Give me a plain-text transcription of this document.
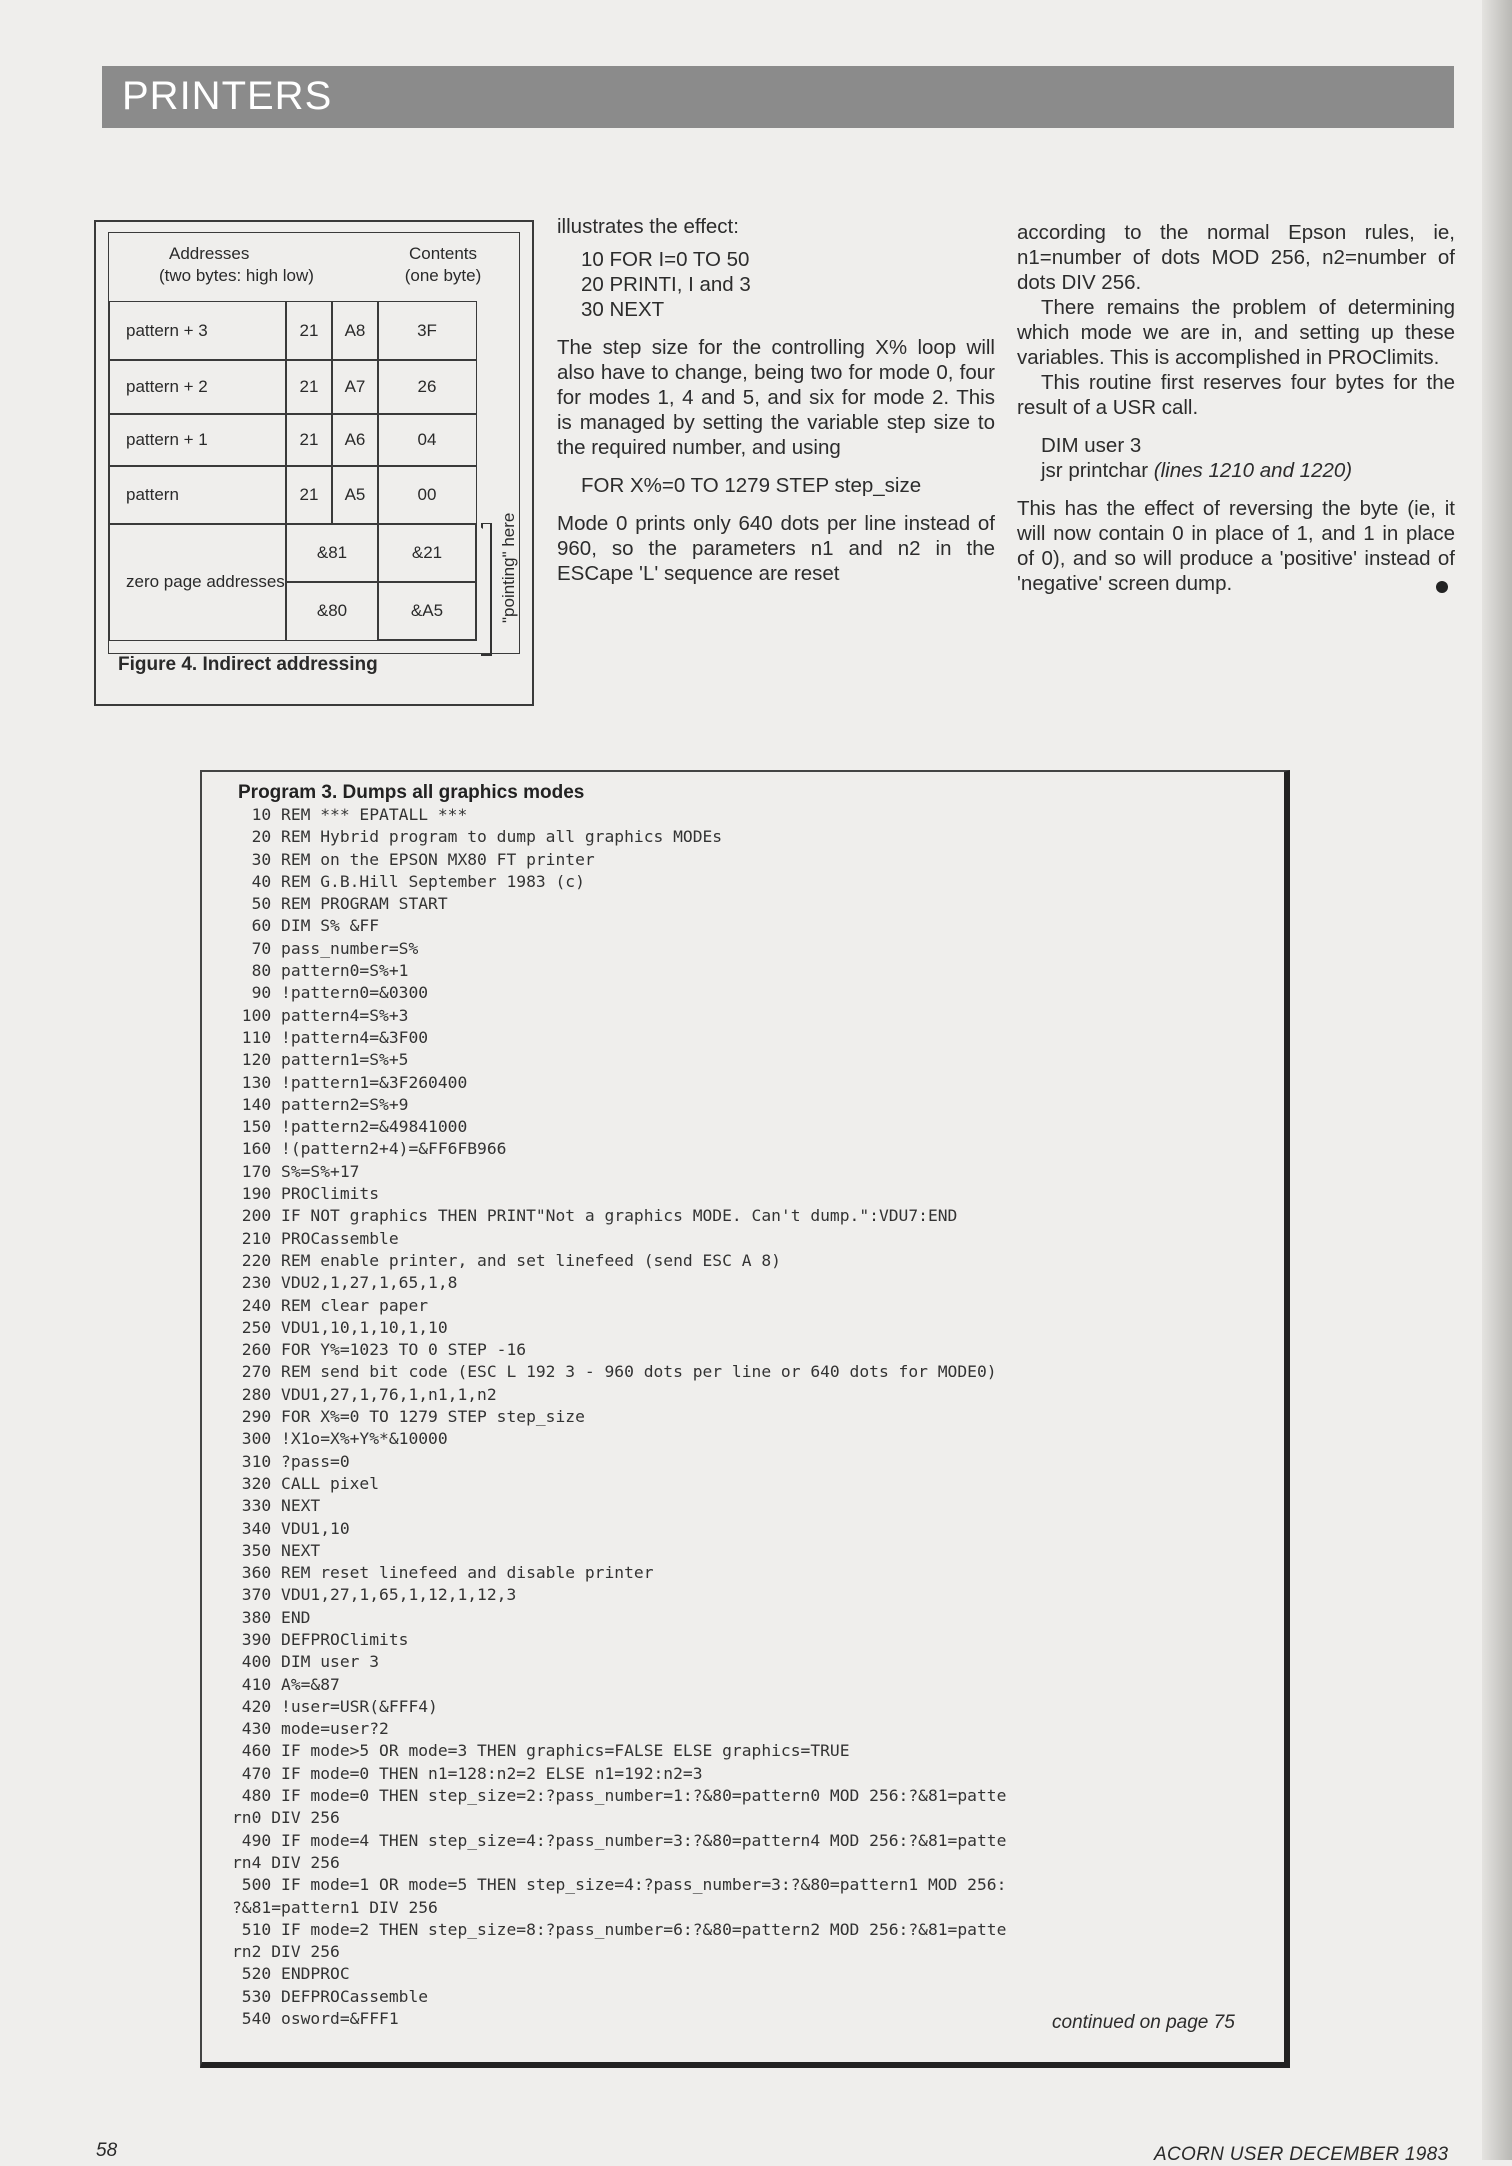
PRINTERS
Addresses
(two bytes: high low)
Contents
(one byte)
pattern + 3	21	A8	3F
pattern + 2	21	A7	26
pattern + 1	21	A6	04
pattern	21	A5	00
zero page addresses
&81	&21
&80	&A5	"pointing" here
Figure 4. Indirect addressing

illustrates the effect:

10 FOR I=0 TO 50

20 PRINTI, I and 3

30 NEXT

The step size for the controlling X% loop will also have to change, being two for mode 0, four for modes 1, 4 and 5, and six for mode 2. This is managed by setting the variable step size to the required number, and using

FOR X%=0 TO 1279 STEP step_size

Mode 0 prints only 640 dots per line instead of 960, so the parameters n1 and n2 in the ESCape 'L' sequence are reset

according to the normal Epson rules, ie, n1=number of dots MOD 256, n2=number of dots DIV 256.

There remains the problem of determining which mode we are in, and setting up these variables. This is accomplished in PROClimits.

This routine first reserves four bytes for the result of a USR call.

DIM user 3

jsr printchar (lines 1210 and 1220)

This has the effect of reversing the byte (ie, it will now contain 0 in place of 1, and 1 in place of 0), and so will produce a 'positive' instead of 'negative' screen dump.

Program 3. Dumps all graphics modes
10 REM *** EPATALL ***
20 REM Hybrid program to dump all graphics MODEs
30 REM on the EPSON MX80 FT printer
40 REM G.B.Hill September 1983 (c)
50 REM PROGRAM START
60 DIM S% &FF
70 pass_number=S%
80 pattern0=S%+1
90 !pattern0=&0300
100 pattern4=S%+3
110 !pattern4=&3F00
120 pattern1=S%+5
130 !pattern1=&3F260400
140 pattern2=S%+9
150 !pattern2=&49841000
160 !(pattern2+4)=&FF6FB966
170 S%=S%+17
190 PROClimits
200 IF NOT graphics THEN PRINT"Not a graphics MODE. Can't dump.":VDU7:END
210 PROCassemble
220 REM enable printer, and set linefeed (send ESC A 8)
230 VDU2,1,27,1,65,1,8
240 REM clear paper
250 VDU1,10,1,10,1,10
260 FOR Y%=1023 TO 0 STEP -16
270 REM send bit code (ESC L 192 3 - 960 dots per line or 640 dots for MODE0)
280 VDU1,27,1,76,1,n1,1,n2
290 FOR X%=0 TO 1279 STEP step_size
300 !X1o=X%+Y%*&10000
310 ?pass=0
320 CALL pixel
330 NEXT
340 VDU1,10
350 NEXT
360 REM reset linefeed and disable printer
370 VDU1,27,1,65,1,12,1,12,3
380 END
390 DEFPROClimits
400 DIM user 3
410 A%=&87
420 !user=USR(&FFF4)
430 mode=user?2
460 IF mode>5 OR mode=3 THEN graphics=FALSE ELSE graphics=TRUE
470 IF mode=0 THEN n1=128:n2=2 ELSE n1=192:n2=3
480 IF mode=0 THEN step_size=2:?pass_number=1:?&80=pattern0 MOD 256:?&81=patte
rn0 DIV 256
490 IF mode=4 THEN step_size=4:?pass_number=3:?&80=pattern4 MOD 256:?&81=patte
rn4 DIV 256
500 IF mode=1 OR mode=5 THEN step_size=4:?pass_number=3:?&80=pattern1 MOD 256:
?&81=pattern1 DIV 256
510 IF mode=2 THEN step_size=8:?pass_number=6:?&80=pattern2 MOD 256:?&81=patte
rn2 DIV 256
520 ENDPROC
530 DEFPROCassemble
540 osword=&FFF1	continued on page 75
58	ACORN USER DECEMBER 1983
